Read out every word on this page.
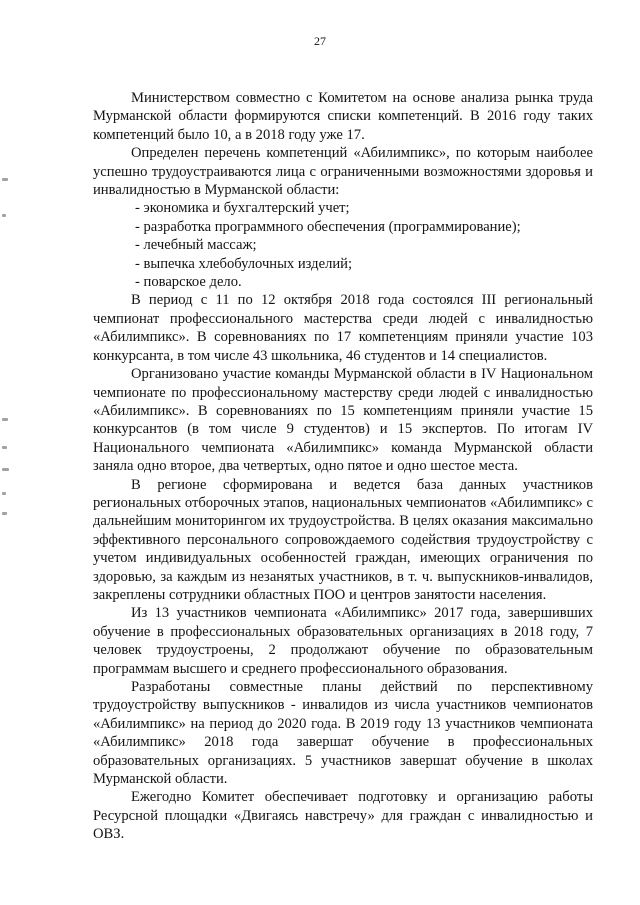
27

Министерством совместно с Комитетом на основе анализа рынка труда Мурманской области формируются списки компетенций. В 2016 году таких компетенций было 10, а в 2018 году уже 17.

Определен перечень компетенций «Абилимпикс», по которым наиболее успешно трудоустраиваются лица с ограниченными возможностями здоровья и инвалидностью в Мурманской области:

- экономика и бухгалтерский учет;

- разработка программного обеспечения (программирование);

- лечебный массаж;

- выпечка хлебобулочных изделий;

- поварское дело.

В период с 11 по 12 октября 2018 года состоялся III региональный чемпионат профессионального мастерства среди людей с инвалидностью «Абилимпикс». В соревнованиях по 17 компетенциям приняли участие 103 конкурсанта, в том числе 43 школьника, 46 студентов и 14 специалистов.

Организовано участие команды Мурманской области в IV Национальном чемпионате по профессиональному мастерству среди людей с инвалидностью «Абилимпикс». В соревнованиях по 15 компетенциям приняли участие 15 конкурсантов (в том числе 9 студентов) и 15 экспертов. По итогам IV Национального чемпионата «Абилимпикс» команда Мурманской области заняла одно второе, два четвертых, одно пятое и одно шестое места.

В регионе сформирована и ведется база данных участников региональных отборочных этапов, национальных чемпионатов «Абилимпикс» с дальнейшим мониторингом их трудоустройства. В целях оказания максимально эффективного персонального сопровождаемого содействия трудоустройству с учетом индивидуальных особенностей граждан, имеющих ограничения по здоровью, за каждым из незанятых участников, в т. ч. выпускников-инвалидов, закреплены сотрудники областных ПОО и центров занятости населения.

Из 13 участников чемпионата «Абилимпикс» 2017 года, завершивших обучение в профессиональных образовательных организациях в 2018 году, 7 человек трудоустроены, 2 продолжают обучение по образовательным программам высшего и среднего профессионального образования.

Разработаны совместные планы действий по перспективному трудоустройству выпускников - инвалидов из числа участников чемпионатов «Абилимпикс» на период до 2020 года. В 2019 году 13 участников чемпионата «Абилимпикс» 2018 года завершат обучение в профессиональных образовательных организациях. 5 участников завершат обучение в школах Мурманской области.

Ежегодно Комитет обеспечивает подготовку и организацию работы Ресурсной площадки «Двигаясь навстречу» для граждан с инвалидностью и ОВЗ.
